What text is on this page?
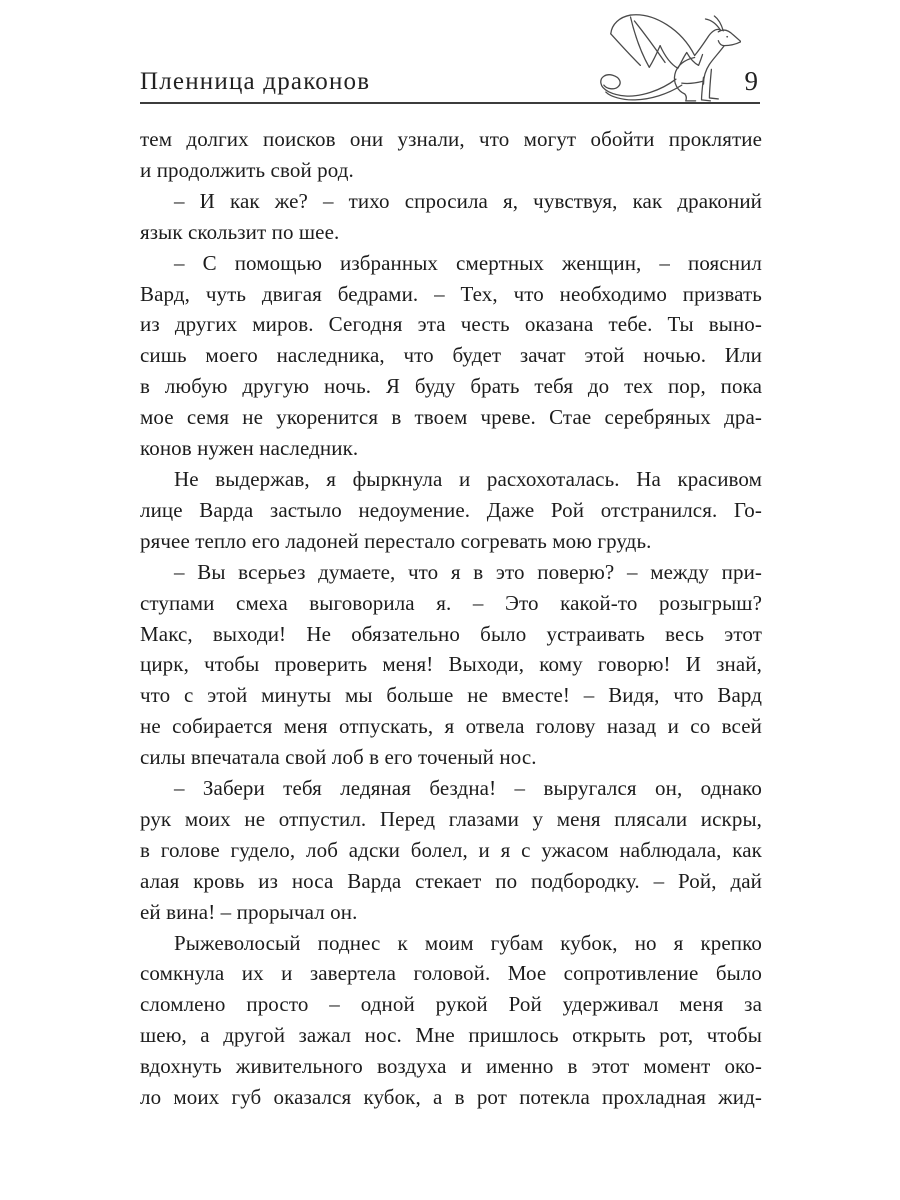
Пленница драконов	9
тем долгих поисков они узнали, что могут обойти проклятие
и продолжить свой род.
– И как же? – тихо спросила я, чувствуя, как драконий
язык скользит по шее.
– С помощью избранных смертных женщин, – пояснил
Вард, чуть двигая бедрами. – Тех, что необходимо призвать
из других миров. Сегодня эта честь оказана тебе. Ты выно-
сишь моего наследника, что будет зачат этой ночью. Или
в любую другую ночь. Я буду брать тебя до тех пор, пока
мое семя не укоренится в твоем чреве. Стае серебряных дра-
конов нужен наследник.
Не выдержав, я фыркнула и расхохоталась. На красивом
лице Варда застыло недоумение. Даже Рой отстранился. Го-
рячее тепло его ладоней перестало согревать мою грудь.
– Вы всерьез думаете, что я в это поверю? – между при-
ступами смеха выговорила я. – Это какой-то розыгрыш?
Макс, выходи! Не обязательно было устраивать весь этот
цирк, чтобы проверить меня! Выходи, кому говорю! И знай,
что с этой минуты мы больше не вместе! – Видя, что Вард
не собирается меня отпускать, я отвела голову назад и со всей
силы впечатала свой лоб в его точеный нос.
– Забери тебя ледяная бездна! – выругался он, однако
рук моих не отпустил. Перед глазами у меня плясали искры,
в голове гудело, лоб адски болел, и я с ужасом наблюдала, как
алая кровь из носа Варда стекает по подбородку. – Рой, дай
ей вина! – прорычал он.
Рыжеволосый поднес к моим губам кубок, но я крепко
сомкнула их и завертела головой. Мое сопротивление было
сломлено просто – одной рукой Рой удерживал меня за
шею, а другой зажал нос. Мне пришлось открыть рот, чтобы
вдохнуть живительного воздуха и именно в этот момент око-
ло моих губ оказался кубок, а в рот потекла прохладная жид-
